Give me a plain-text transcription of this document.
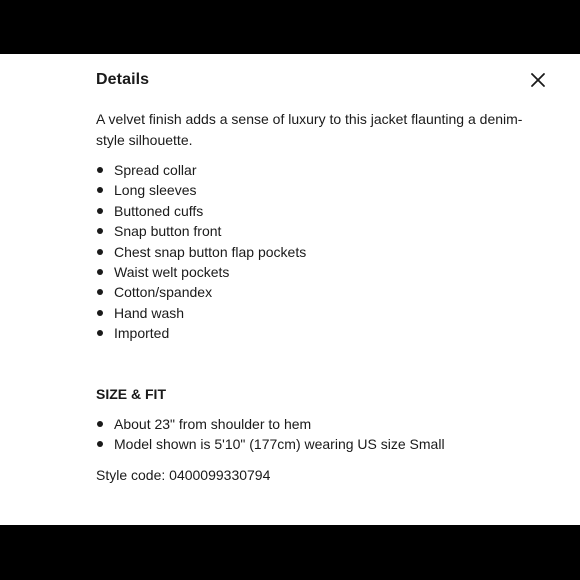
Details
A velvet finish adds a sense of luxury to this jacket flaunting a denim-style silhouette.
Spread collar
Long sleeves
Buttoned cuffs
Snap button front
Chest snap button flap pockets
Waist welt pockets
Cotton/spandex
Hand wash
Imported
SIZE & FIT
About 23" from shoulder to hem
Model shown is 5'10" (177cm) wearing US size Small
Style code: 0400099330794
